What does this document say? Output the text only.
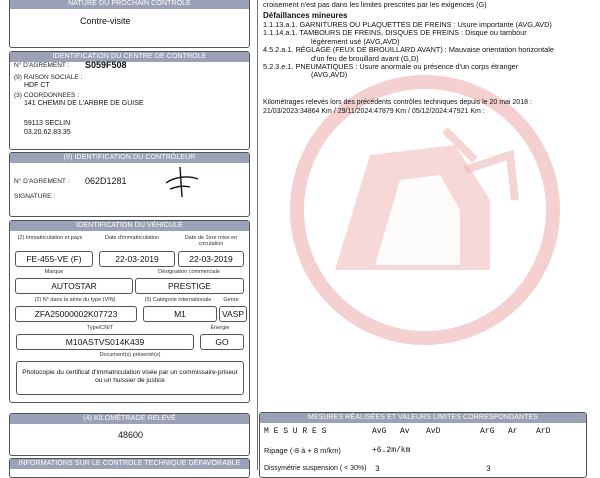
NATURE DU PROCHAIN CONTROLE
Contre-visite
IDENTIFICATION DU CENTRE DE CONTROLE
N° D'AGREMENT : S059F508
(9) RAISON SOCIALE :
HDF CT
(3) COORDONNEES :
141 CHEMIN DE L'ARBRE DE GUISE
59113 SECLIN
03.20.62.83.35
(9) IDENTIFICATION DU CONTRÔLEUR
N° D'AGREMENT : 062D1281
SIGNATURE :
IDENTIFICATION DU VÉHICULE
(2) Immatriculation et pays	Date d'immatriculation	Date de 1ère mise en circulation
FE-455-VE (F)	22-03-2019	22-03-2019
Marque	Désignation commerciale
AUTOSTAR	PRESTIGE
(2) N° dans la série du type (VIN)	(5) Catégorie internationale	Genre
ZFA25000002K07723	M1	VASP
Type/CNIT	Énergie
M10ASTVS014K439	GO
Document(s) présenté(s)
Photocopie du certificat d'immatriculation visée par un commissaire-priseur ou un huissier de justice
(4) KILOMÉTRAGE RELEVÉ
48600
INFORMATIONS SUR LE CONTROLE TECHNIQUE DÉFAVORABLE
croisement n'est pas dans les limites prescrites par les exigences (G)
Défaillances mineures
1.1.13.a.1. GARNITURES OU PLAQUETTES DE FREINS : Usure importante (AVG,AVD)
1.1.14.a.1. TAMBOURS DE FREINS, DISQUES DE FREINS : Disque ou tambour
légèrement usé (AVG,AVD)
4.5.2.a.1. RÉGLAGE (FEUX DE BROUILLARD AVANT) : Mauvaise orientation horizontale
d'un feu de brouillard avant (G,D)
5.2.3.e.1. PNEUMATIQUES : Usure anormale ou présence d'un corps étranger
(AVG,AVD)
Kilométrages relevés lors des précédents contrôles techniques depuis le 20 mai 2018 :
21/03/2023:34864 Km / 29/11/2024:47879 Km / 05/12/2024:47921 Km :
MESURES RÉALISÉES ET VALEURS LIMITES CORRESPONDANTES
M E S U R E S	AvG Av AvD	ArG Ar ArD
Ripage (-8 à + 8 m/km)	+6.2m/km
Dissymétrie suspension ( < 30%) 3	3
